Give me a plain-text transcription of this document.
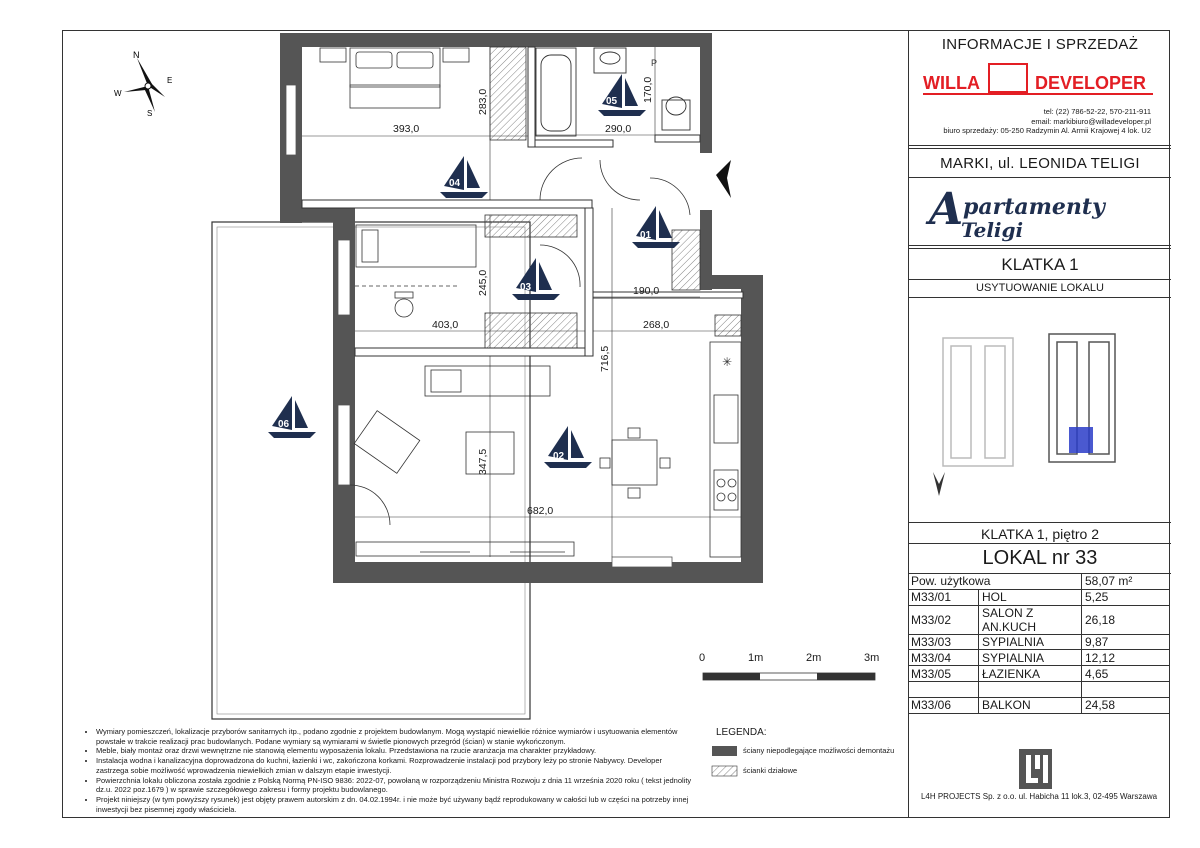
P
✳
393,0
283,0
290,0
170,0
245,0	190,0
403,0	268,0
716,5
347,5
682,0
01
02
03
04
05
06
N
E
S
W
0	1m	2m	3m
INFORMACJE I SPRZEDAŻ
WILLA	DEVELOPER
tel: (22) 786-52-22, 570-211-911
email: markibiuro@willadeveloper.pl
biuro sprzedaży: 05-250 Radzymin Al. Armii Krajowej 4 lok. U2
MARKI, ul. LEONIDA TELIGI
A partamenty
Teligi
KLATKA 1
USYTUOWANIE LOKALU
KLATKA 1, piętro 2
LOKAL nr 33
Pow. użytkowa		58,07 m²
M33/01	HOL	5,25
M33/02	SALON Z AN.KUCH	26,18
M33/03	SYPIALNIA	9,87
M33/04	SYPIALNIA	12,12
M33/05	ŁAZIENKA	4,65

M33/06	BALKON	24,58
L4H PROJECTS Sp. z o.o. ul. Habicha 11 lok.3, 02-495 Warszawa
• Wymiary pomieszczeń, lokalizacje przyborów sanitarnych itp., podano zgodnie z projektem budowlanym. Mogą wystąpić niewielkie różnice wymiarów i usytuowania elementów powstałe w trakcie realizacji prac budowlanych. Podane wymiary są wymiarami w świetle pionowych przegród (ścian) w stanie wykończonym.
• Meble, biały montaż oraz drzwi wewnętrzne nie stanowią elementu wyposażenia lokalu. Przedstawiona na rzucie aranżacja ma charakter przykładowy.
• Instalacja wodna i kanalizacyjna doprowadzona do kuchni, łazienki i wc, zakończona korkami. Rozprowadzenie instalacji pod przybory leży po stronie Nabywcy. Developer zastrzega sobie możliwość wprowadzenia niewielkich zmian w dalszym etapie inwestycji.
• Powierzchnia lokalu obliczona została zgodnie z Polską Normą PN-ISO 9836: 2022-07, powołaną w rozporządzeniu Ministra Rozwoju z dnia 11 września 2020 roku ( tekst jednolity dz.u. 2022 poz.1679 ) w sprawie szczegółowego zakresu i formy projektu budowlanego.
• Projekt niniejszy (w tym powyższy rysunek) jest objęty prawem autorskim z dn. 04.02.1994r. i nie może być używany bądź reprodukowany w całości lub w części na potrzeby innej inwestycji bez pisemnej zgody właściciela.
LEGENDA:
ściany niepodlegające możliwości demontażu
ścianki działowe
